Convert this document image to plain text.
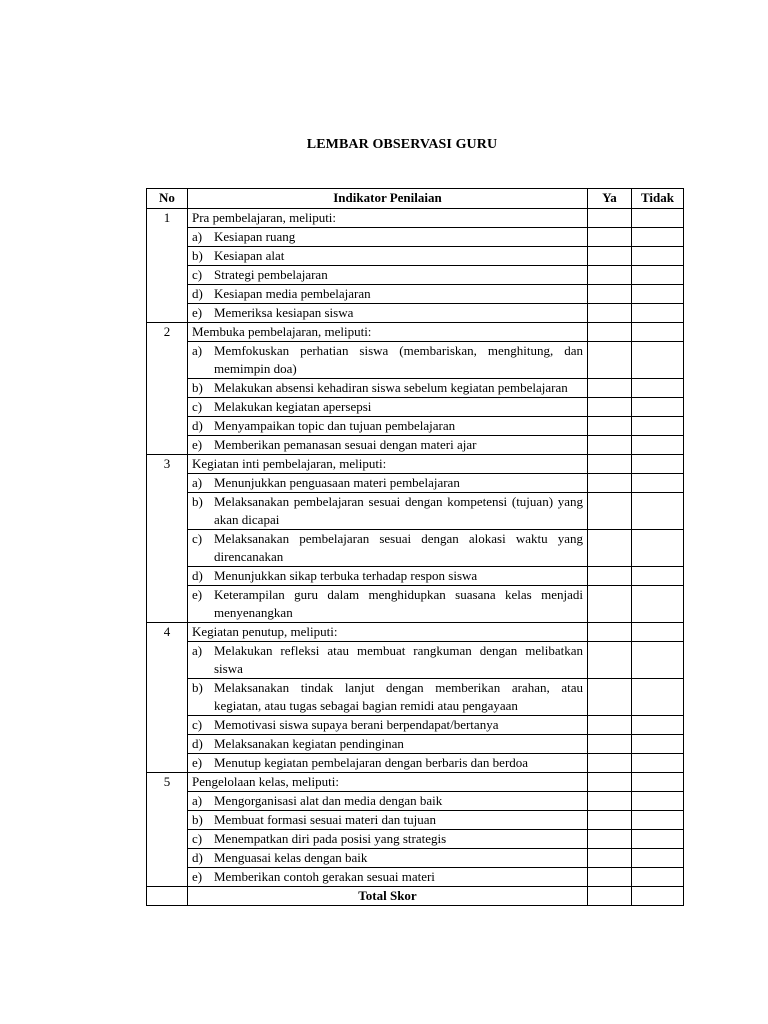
LEMBAR OBSERVASI GURU
No	Indikator Penilaian	Ya	Tidak
1	Pra pembelajaran, meliputi:		

	a) Kesiapan ruang		

	b) Kesiapan alat		

	c) Strategi pembelajaran		

	d) Kesiapan media pembelajaran		

	e) Memeriksa kesiapan siswa		

2	Membuka pembelajaran, meliputi:		

	a) Memfokuskan perhatian siswa (membariskan, menghitung, dan memimpin doa)		

	b) Melakukan absensi kehadiran siswa sebelum kegiatan pembelajaran		

	c) Melakukan kegiatan apersepsi		

	d) Menyampaikan topic dan tujuan pembelajaran		

	e) Memberikan pemanasan sesuai dengan materi ajar		

3	Kegiatan inti pembelajaran, meliputi:		

	a) Menunjukkan penguasaan materi pembelajaran		

	b) Melaksanakan pembelajaran sesuai dengan kompetensi (tujuan) yang akan dicapai		

	c) Melaksanakan pembelajaran sesuai dengan alokasi waktu yang direncanakan		

	d) Menunjukkan sikap terbuka terhadap respon siswa		

	e) Keterampilan guru dalam menghidupkan suasana kelas menjadi menyenangkan		

4	Kegiatan penutup, meliputi:		

	a) Melakukan refleksi atau membuat rangkuman dengan melibatkan siswa		

	b) Melaksanakan tindak lanjut dengan memberikan arahan, atau kegiatan, atau tugas sebagai bagian remidi atau pengayaan		

	c) Memotivasi siswa supaya berani berpendapat/bertanya		

	d) Melaksanakan kegiatan pendinginan		

	e) Menutup kegiatan pembelajaran dengan berbaris dan berdoa		

5	Pengelolaan kelas, meliputi:		

	a) Mengorganisasi alat dan media dengan baik		

	b) Membuat formasi sesuai materi dan tujuan		

	c) Menempatkan diri pada posisi yang strategis		

	d) Menguasai kelas dengan baik		

	e) Memberikan contoh gerakan sesuai materi		

	Total Skor		
